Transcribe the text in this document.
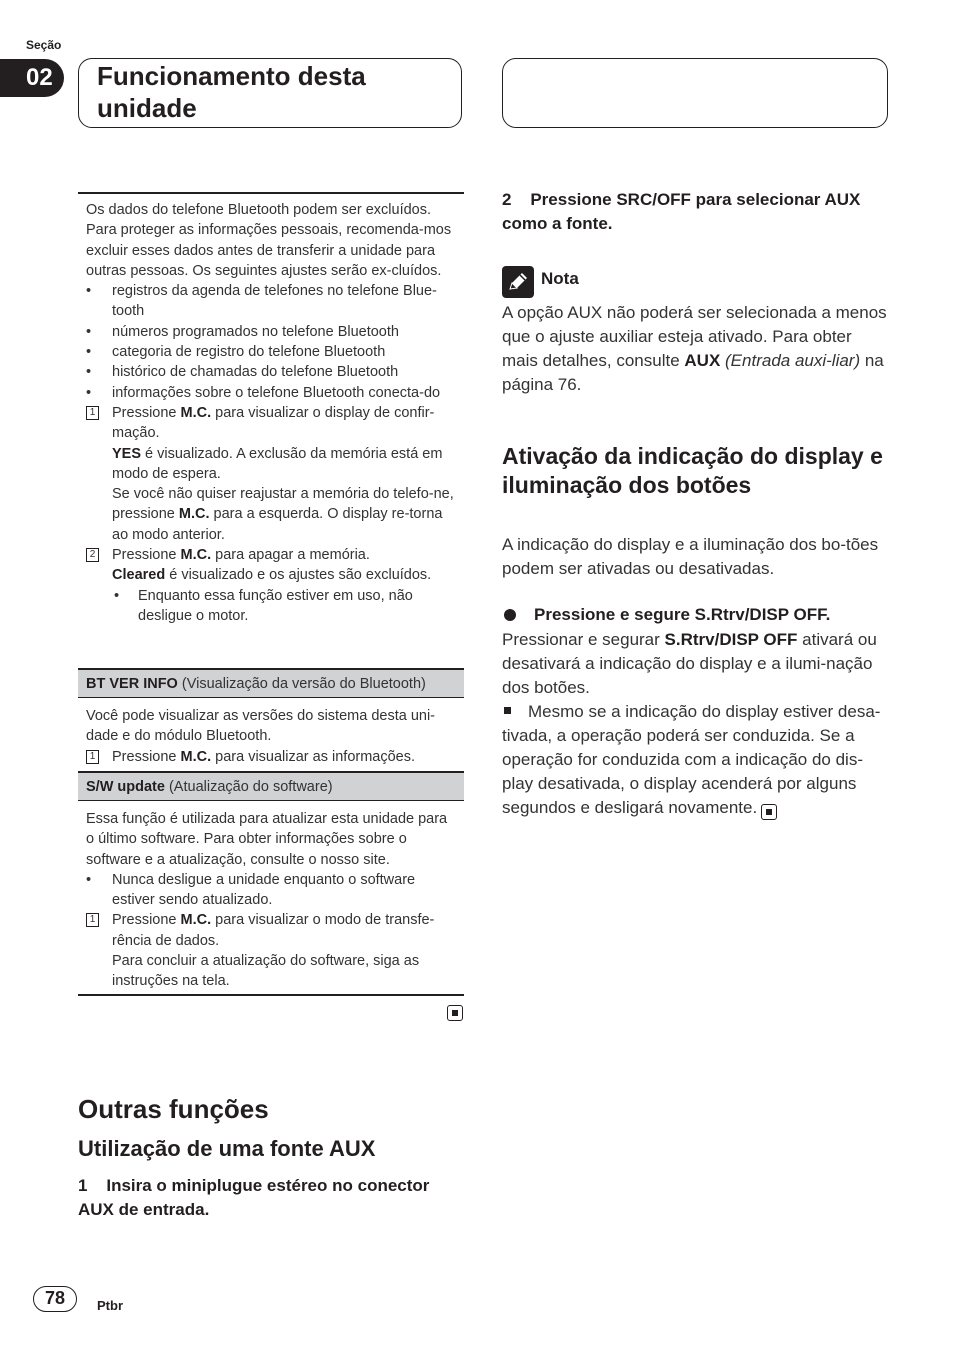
Seção
02	Funcionamento desta unidade
Os dados do telefone Bluetooth podem ser excluídos. Para proteger as informações pessoais, recomenda-mos excluir esses dados antes de transferir a unidade para outras pessoas. Os seguintes ajustes serão ex-cluídos.
• registros da agenda de telefones no telefone Blue-tooth
• números programados no telefone Bluetooth
• categoria de registro do telefone Bluetooth
• histórico de chamadas do telefone Bluetooth
• informações sobre o telefone Bluetooth conecta-do
1 Pressione M.C. para visualizar o display de confir-mação.
YES é visualizado. A exclusão da memória está em modo de espera.
Se você não quiser reajustar a memória do telefo-ne, pressione M.C. para a esquerda. O display re-torna ao modo anterior.
2 Pressione M.C. para apagar a memória.
Cleared é visualizado e os ajustes são excluídos.
• Enquanto essa função estiver em uso, não desligue o motor.
BT VER INFO (Visualização da versão do Bluetooth)
Você pode visualizar as versões do sistema desta uni-dade e do módulo Bluetooth.
1 Pressione M.C. para visualizar as informações.
S/W update (Atualização do software)
Essa função é utilizada para atualizar esta unidade para o último software. Para obter informações sobre o software e a atualização, consulte o nosso site.
• Nunca desligue a unidade enquanto o software estiver sendo atualizado.
1 Pressione M.C. para visualizar o modo de transfe-rência de dados.
Para concluir a atualização do software, siga as instruções na tela.
Outras funções
Utilização de uma fonte AUX
1    Insira o miniplugue estéreo no conector AUX de entrada.
2    Pressione SRC/OFF para selecionar AUX como a fonte.
Nota
A opção AUX não poderá ser selecionada a menos que o ajuste auxiliar esteja ativado. Para obter mais detalhes, consulte AUX (Entrada auxi-liar) na página 76.
Ativação da indicação do display e iluminação dos botões
A indicação do display e a iluminação dos bo-tões podem ser ativadas ou desativadas.
Pressione e segure S.Rtrv/DISP OFF.
Pressionar e segurar S.Rtrv/DISP OFF ativará ou desativará a indicação do display e a ilumi-nação dos botões.
Mesmo se a indicação do display estiver desa-tivada, a operação poderá ser conduzida. Se a operação for conduzida com a indicação do dis-play desativada, o display acenderá por alguns segundos e desligará novamente.
78	Ptbr
